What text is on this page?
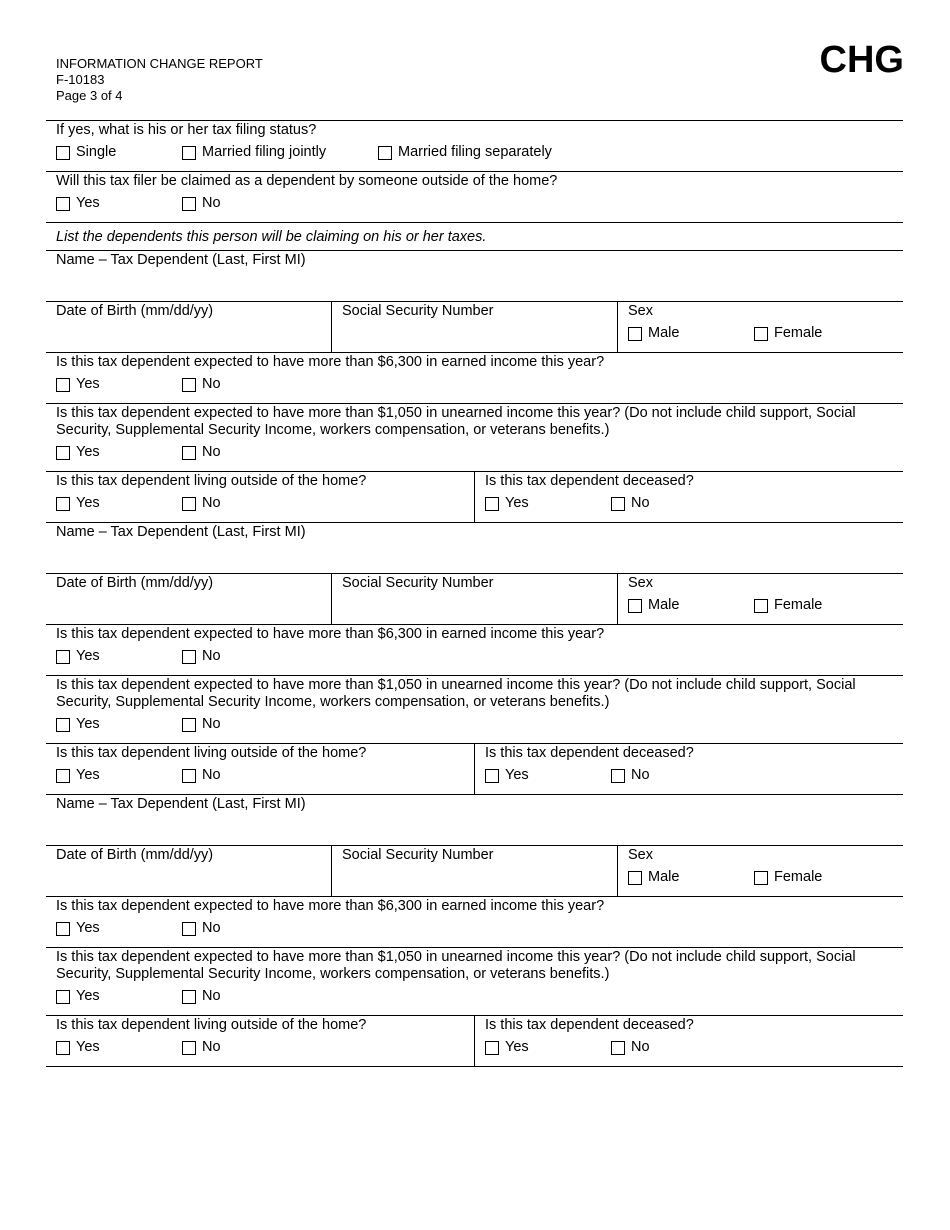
INFORMATION CHANGE REPORT
F-10183
Page 3 of 4
CHG
If yes, what is his or her tax filing status?
Single	Married filing jointly	Married filing separately
Will this tax filer be claimed as a dependent by someone outside of the home?
Yes	No
List the dependents this person will be claiming on his or her taxes.
Name – Tax Dependent (Last, First MI)
Date of Birth (mm/dd/yy)	Social Security Number	Sex
Male	Female
Is this tax dependent expected to have more than $6,300 in earned income this year?
Yes	No
Is this tax dependent expected to have more than $1,050 in unearned income this year? (Do not include child support, Social Security, Supplemental Security Income, workers compensation, or veterans benefits.)
Yes	No
Is this tax dependent living outside of the home?
Yes	No
Is this tax dependent deceased?
Yes	No
Name – Tax Dependent (Last, First MI)
Date of Birth (mm/dd/yy)	Social Security Number	Sex
Male	Female
Is this tax dependent expected to have more than $6,300 in earned income this year?
Yes	No
Is this tax dependent expected to have more than $1,050 in unearned income this year? (Do not include child support, Social Security, Supplemental Security Income, workers compensation, or veterans benefits.)
Yes	No
Is this tax dependent living outside of the home?
Yes	No
Is this tax dependent deceased?
Yes	No
Name – Tax Dependent (Last, First MI)
Date of Birth (mm/dd/yy)	Social Security Number	Sex
Male	Female
Is this tax dependent expected to have more than $6,300 in earned income this year?
Yes	No
Is this tax dependent expected to have more than $1,050 in unearned income this year? (Do not include child support, Social Security, Supplemental Security Income, workers compensation, or veterans benefits.)
Yes	No
Is this tax dependent living outside of the home?
Yes	No
Is this tax dependent deceased?
Yes	No
